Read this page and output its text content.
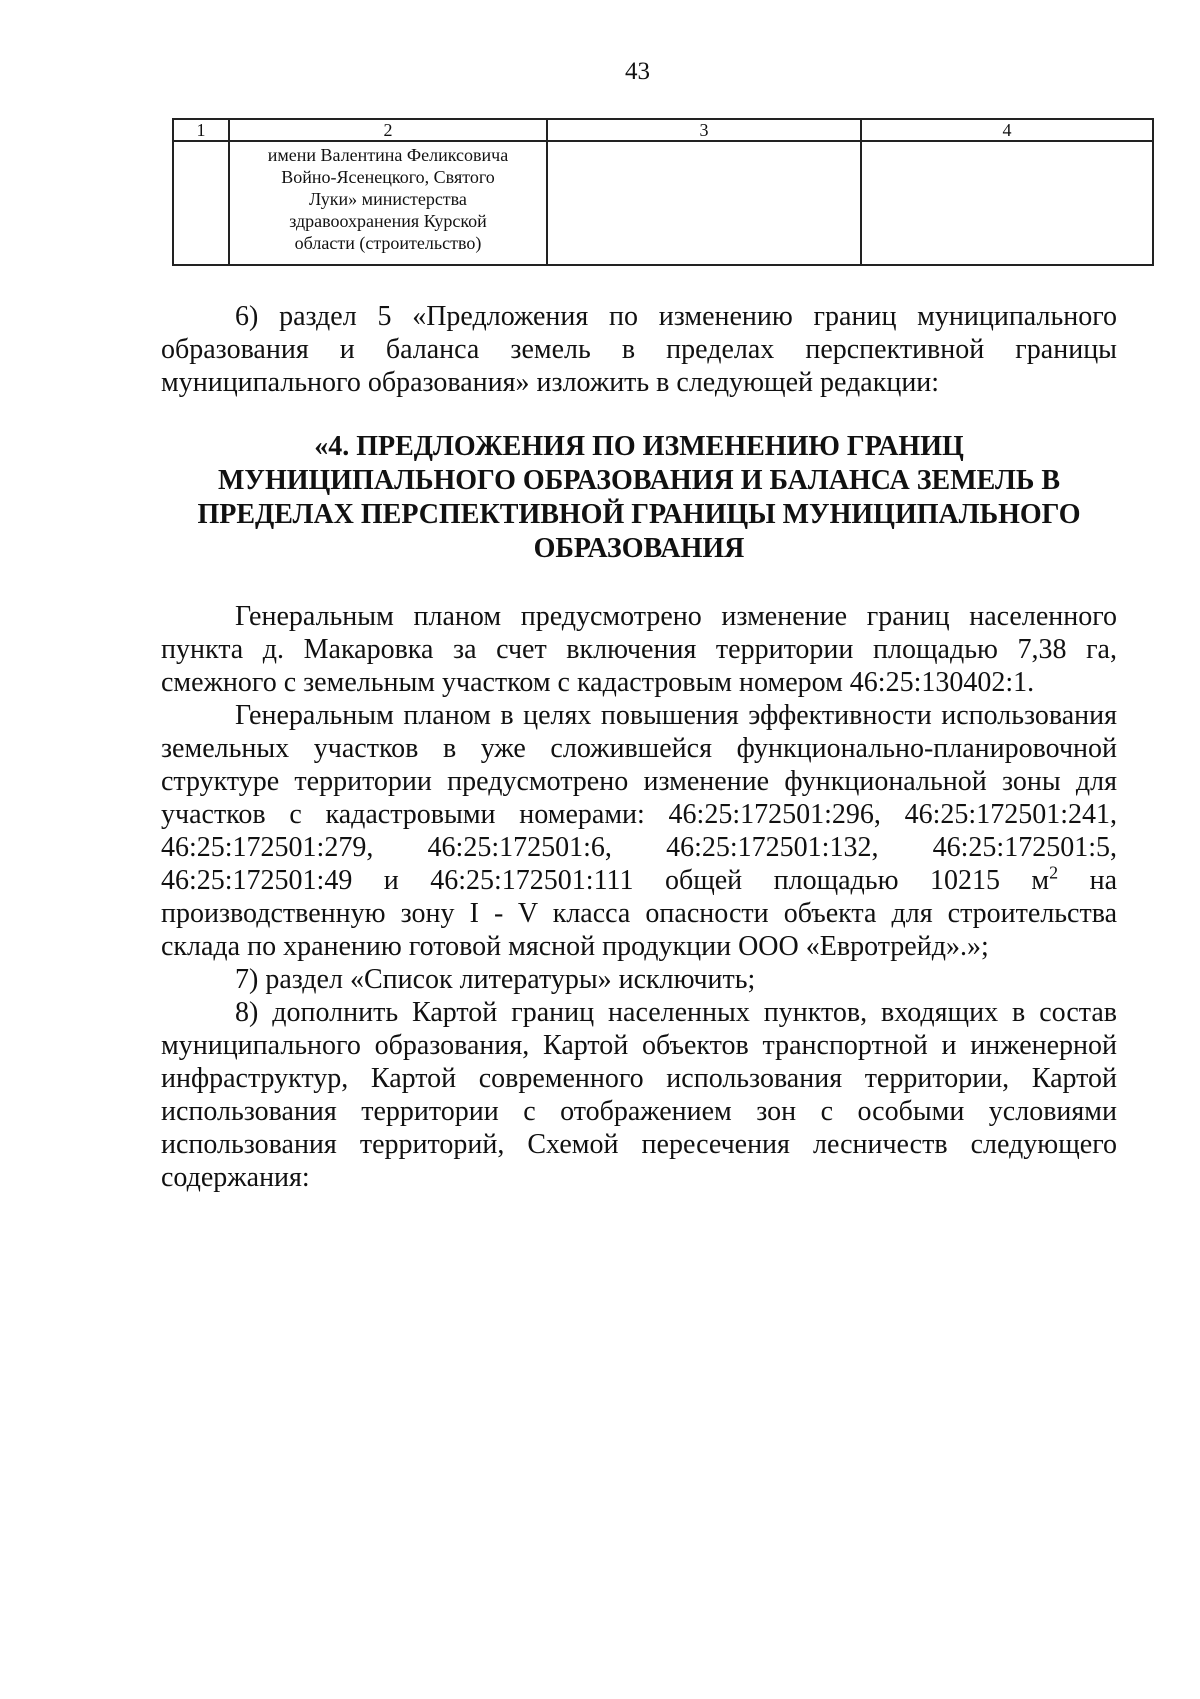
43
1	2	3	4

	имени Валентина Феликсовича
Войно-Ясенецкого, Святого
Луки» министерства
здравоохранения Курской
области (строительство)		

6) раздел 5 «Предложения по изменению границ муниципального образования и баланса земель в пределах перспективной границы муниципального образования» изложить в следующей редакции:

«4. ПРЕДЛОЖЕНИЯ ПО ИЗМЕНЕНИЮ ГРАНИЦ
МУНИЦИПАЛЬНОГО ОБРАЗОВАНИЯ И БАЛАНСА ЗЕМЕЛЬ В
ПРЕДЕЛАХ ПЕРСПЕКТИВНОЙ ГРАНИЦЫ МУНИЦИПАЛЬНОГО
ОБРАЗОВАНИЯ

Генеральным планом предусмотрено изменение границ населенного пункта д. Макаровка за счет включения территории площадью 7,38 га, смежного с земельным участком с кадастровым номером 46:25:130402:1.

Генеральным планом в целях повышения эффективности использования земельных участков в уже сложившейся функционально-планировочной структуре территории предусмотрено изменение функциональной зоны для участков с кадастровыми номерами: 46:25:172501:296, 46:25:172501:241, 46:25:172501:279, 46:25:172501:6, 46:25:172501:132, 46:25:172501:5, 46:25:172501:49 и 46:25:172501:111 общей площадью 10215 $м^2$ на производственную зону I - V класса опасности объекта для строительства склада по хранению готовой мясной продукции ООО «Евротрейд».»;

7) раздел «Список литературы» исключить;

8) дополнить Картой границ населенных пунктов, входящих в состав муниципального образования, Картой объектов транспортной и инженерной инфраструктур, Картой современного использования территории, Картой использования территории с отображением зон с особыми условиями использования территорий, Схемой пересечения лесничеств следующего содержания:
